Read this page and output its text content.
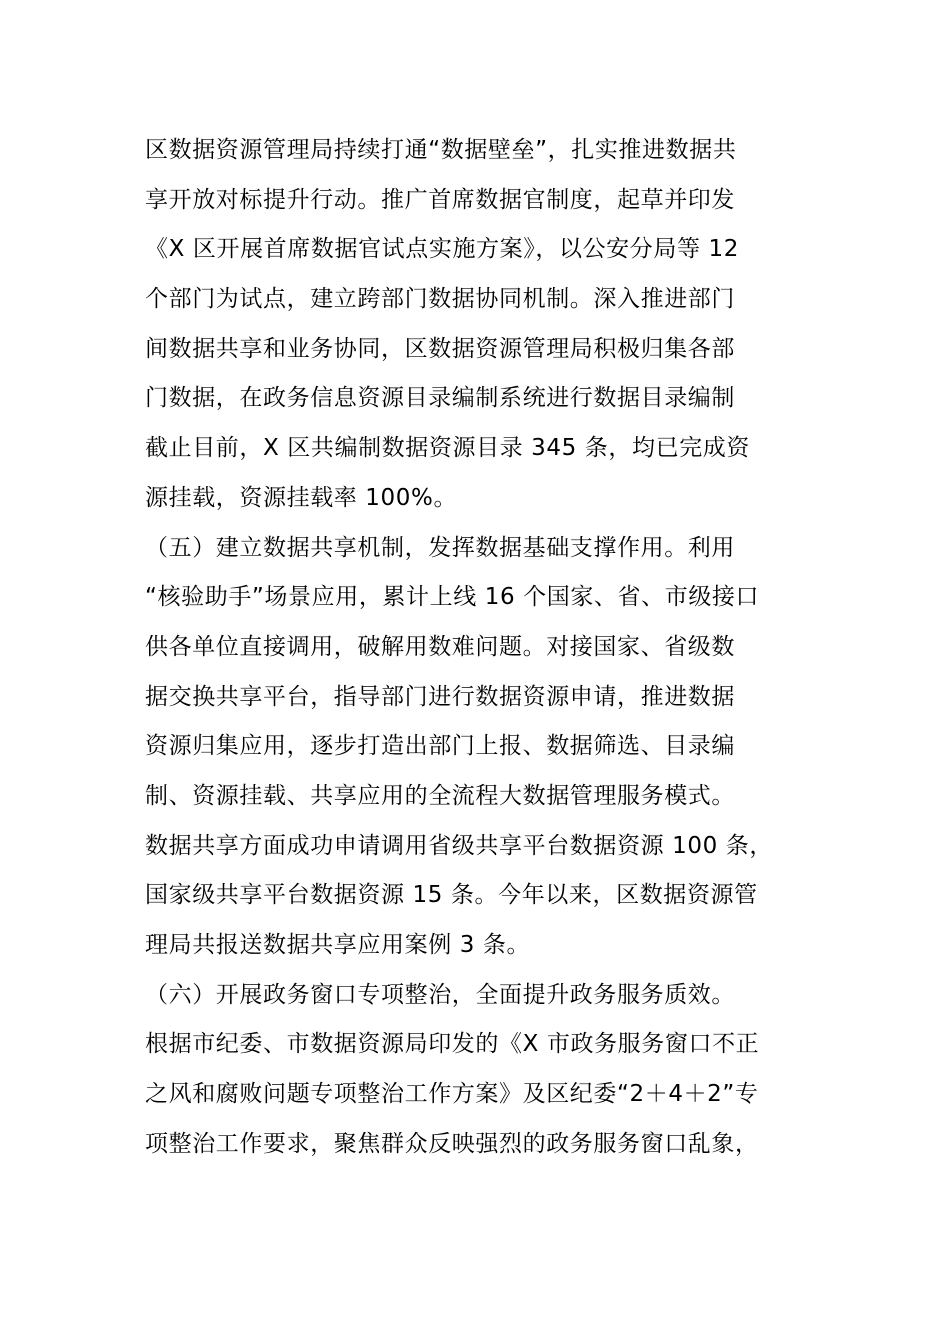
区数据资源管理局持续打通“数据壁垒”，扎实推进数据共
享开放对标提升行动。推广首席数据官制度，起草并印发
《X 区开展首席数据官试点实施方案》，以公安分局等 12
个部门为试点，建立跨部门数据协同机制。深入推进部门
间数据共享和业务协同，区数据资源管理局积极归集各部
门数据，在政务信息资源目录编制系统进行数据目录编制
截止目前，X 区共编制数据资源目录 345 条，均已完成资
源挂载，资源挂载率 100%。
（五）建立数据共享机制，发挥数据基础支撑作用。利用
“核验助手”场景应用，累计上线 16 个国家、省、市级接口
供各单位直接调用，破解用数难问题。对接国家、省级数
据交换共享平台，指导部门进行数据资源申请，推进数据
资源归集应用，逐步打造出部门上报、数据筛选、目录编
制、资源挂载、共享应用的全流程大数据管理服务模式。
数据共享方面成功申请调用省级共享平台数据资源 100 条，
国家级共享平台数据资源 15 条。今年以来，区数据资源管
理局共报送数据共享应用案例 3 条。
（六）开展政务窗口专项整治，全面提升政务服务质效。
根据市纪委、市数据资源局印发的《X 市政务服务窗口不正
之风和腐败问题专项整治工作方案》及区纪委“2＋4＋2”专
项整治工作要求，聚焦群众反映强烈的政务服务窗口乱象，
